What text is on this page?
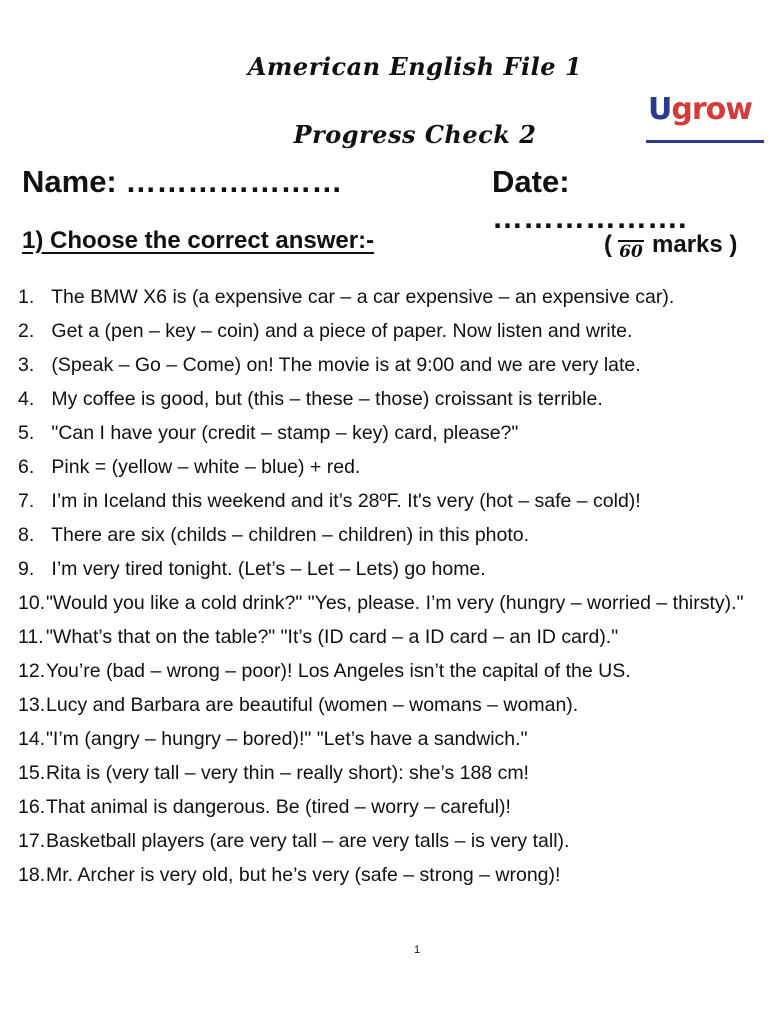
American English File 1
Progress Check 2
Ugrow
Name: …………………	Date: ……………….
1) Choose the correct answer:-	( 60 marks )
1. The BMW X6 is (a expensive car – a car expensive – an expensive car).
2. Get a (pen – key – coin) and a piece of paper. Now listen and write.
3. (Speak – Go – Come) on! The movie is at 9:00 and we are very late.
4. My coffee is good, but (this – these – those) croissant is terrible.
5. "Can I have your (credit – stamp – key) card, please?"
6. Pink = (yellow – white – blue) + red.
7. I’m in Iceland this weekend and it’s 28ºF. It's very (hot – safe – cold)!
8. There are six (childs – children – children) in this photo.
9. I’m very tired tonight. (Let’s – Let – Lets) go home.
10."Would you like a cold drink?" "Yes, please. I’m very (hungry – worried – thirsty)."
11. "What’s that on the table?" "It’s (ID card – a ID card – an ID card)."
12.You’re (bad – wrong – poor)! Los Angeles isn’t the capital of the US.
13.Lucy and Barbara are beautiful (women – womans – woman).
14."I’m (angry – hungry – bored)!" "Let’s have a sandwich."
15.Rita is (very tall – very thin – really short): she’s 188 cm!
16.That animal is dangerous. Be (tired – worry – careful)!
17.Basketball players (are very tall – are very talls – is very tall).
18.Mr. Archer is very old, but he’s very (safe – strong – wrong)!
1
